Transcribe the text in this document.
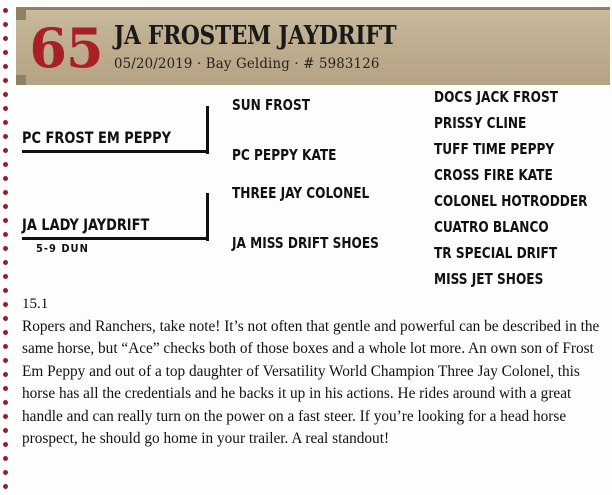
65 JA FROSTEM JAYDRIFT
05/20/2019 · Bay Gelding · # 5983126
PC FROST EM PEPPY
JA LADY JAYDRIFT
5-9 DUN
SUN FROST
PC PEPPY KATE
THREE JAY COLONEL
JA MISS DRIFT SHOES
DOCS JACK FROST
PRISSY CLINE
TUFF TIME PEPPY
CROSS FIRE KATE
COLONEL HOTRODDER
CUATRO BLANCO
TR SPECIAL DRIFT
MISS JET SHOES
15.1
Ropers and Ranchers, take note! It’s not often that gentle and powerful can be described in the same horse, but “Ace” checks both of those boxes and a whole lot more. An own son of Frost Em Peppy and out of a top daughter of Versatility World Champion Three Jay Colonel, this horse has all the credentials and he backs it up in his actions. He rides around with a great handle and can really turn on the power on a fast steer. If you’re looking for a head horse prospect, he should go home in your trailer. A real standout!
